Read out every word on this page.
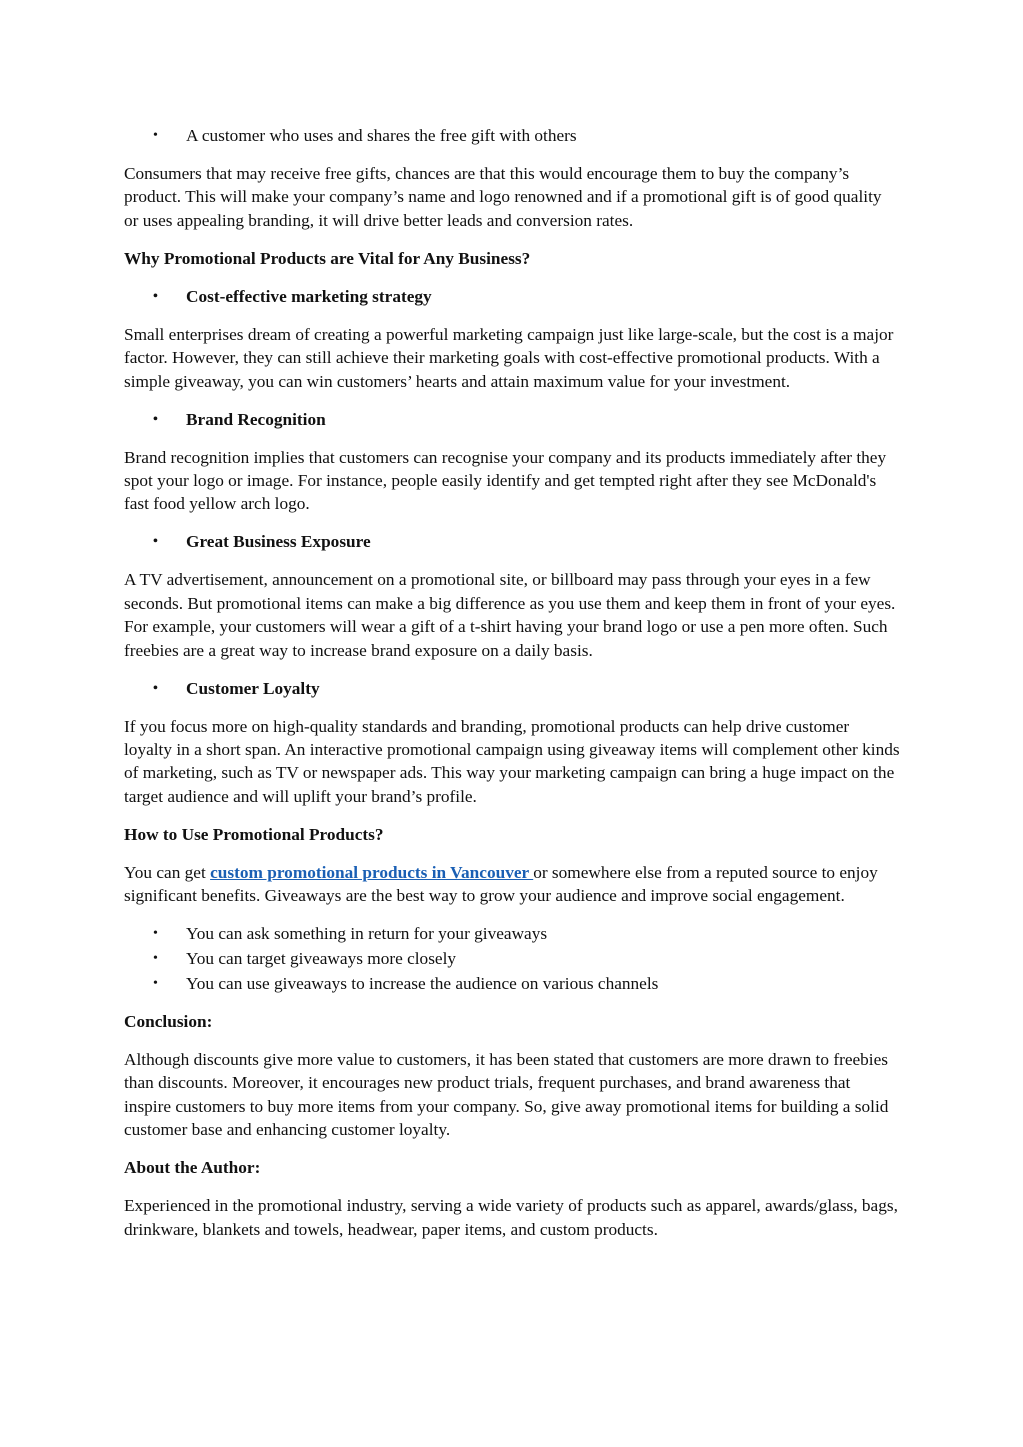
• A customer who uses and shares the free gift with others

Consumers that may receive free gifts, chances are that this would encourage them to buy the company’s product. This will make your company’s name and logo renowned and if a promotional gift is of good quality or uses appealing branding, it will drive better leads and conversion rates.

Why Promotional Products are Vital for Any Business?

• Cost-effective marketing strategy

Small enterprises dream of creating a powerful marketing campaign just like large-scale, but the cost is a major factor. However, they can still achieve their marketing goals with cost-effective promotional products. With a simple giveaway, you can win customers’ hearts and attain maximum value for your investment.

• Brand Recognition

Brand recognition implies that customers can recognise your company and its products immediately after they spot your logo or image. For instance, people easily identify and get tempted right after they see McDonald's fast food yellow arch logo.

• Great Business Exposure

A TV advertisement, announcement on a promotional site, or billboard may pass through your eyes in a few seconds. But promotional items can make a big difference as you use them and keep them in front of your eyes. For example, your customers will wear a gift of a t-shirt having your brand logo or use a pen more often. Such freebies are a great way to increase brand exposure on a daily basis.

• Customer Loyalty

If you focus more on high-quality standards and branding, promotional products can help drive customer loyalty in a short span. An interactive promotional campaign using giveaway items will complement other kinds of marketing, such as TV or newspaper ads. This way your marketing campaign can bring a huge impact on the target audience and will uplift your brand’s profile.

How to Use Promotional Products?

You can get custom promotional products in Vancouver or somewhere else from a reputed source to enjoy significant benefits. Giveaways are the best way to grow your audience and improve social engagement.

• You can ask something in return for your giveaways
• You can target giveaways more closely
• You can use giveaways to increase the audience on various channels

Conclusion:

Although discounts give more value to customers, it has been stated that customers are more drawn to freebies than discounts. Moreover, it encourages new product trials, frequent purchases, and brand awareness that inspire customers to buy more items from your company. So, give away promotional items for building a solid customer base and enhancing customer loyalty.

About the Author:

Experienced in the promotional industry, serving a wide variety of products such as apparel, awards/glass, bags, drinkware, blankets and towels, headwear, paper items, and custom products.
